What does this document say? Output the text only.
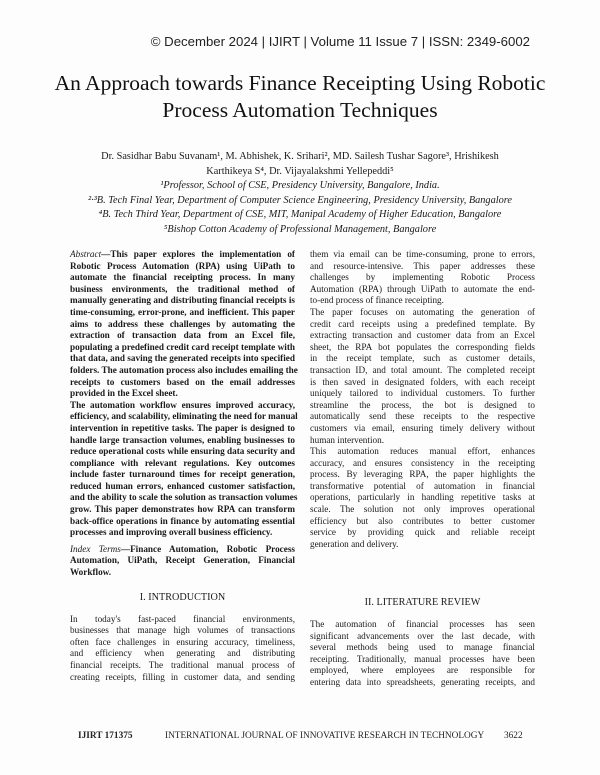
© December 2024 | IJIRT | Volume 11 Issue 7 | ISSN: 2349-6002
An Approach towards Finance Receipting Using Robotic
Process Automation Techniques
Dr. Sasidhar Babu Suvanam¹, M. Abhishek, K. Srihari², MD. Sailesh Tushar Sagore³, Hrishikesh
Karthikeya S⁴, Dr. Vijayalakshmi Yellepeddi⁵
¹Professor, School of CSE, Presidency University, Bangalore, India.
²·³B. Tech Final Year, Department of Computer Science Engineering, Presidency University, Bangalore
⁴B. Tech Third Year, Department of CSE, MIT, Manipal Academy of Higher Education, Bangalore
⁵Bishop Cotton Academy of Professional Management, Bangalore
Abstract—This paper explores the implementation of
Robotic Process Automation (RPA) using UiPath to
automate the financial receipting process. In many
business environments, the traditional method of
manually generating and distributing financial receipts is
time-consuming, error-prone, and inefficient. This paper
aims to address these challenges by automating the
extraction of transaction data from an Excel file,
populating a predefined credit card receipt template with
that data, and saving the generated receipts into specified
folders. The automation process also includes emailing the
receipts to customers based on the email addresses
provided in the Excel sheet.
The automation workflow ensures improved accuracy,
efficiency, and scalability, eliminating the need for manual
intervention in repetitive tasks. The paper is designed to
handle large transaction volumes, enabling businesses to
reduce operational costs while ensuring data security and
compliance with relevant regulations. Key outcomes
include faster turnaround times for receipt generation,
reduced human errors, enhanced customer satisfaction,
and the ability to scale the solution as transaction volumes
grow. This paper demonstrates how RPA can transform
back-office operations in finance by automating essential
processes and improving overall business efficiency.
Index Terms—Finance Automation, Robotic Process
Automation, UiPath, Receipt Generation, Financial
Workflow.
I. INTRODUCTION
In today's fast-paced financial environments,
businesses that manage high volumes of transactions
often face challenges in ensuring accuracy, timeliness,
and efficiency when generating and distributing
financial receipts. The traditional manual process of
creating receipts, filling in customer data, and sending
them via email can be time-consuming, prone to errors,
and resource-intensive. This paper addresses these
challenges by implementing Robotic Process
Automation (RPA) through UiPath to automate the end-
to-end process of finance receipting.
The paper focuses on automating the generation of
credit card receipts using a predefined template. By
extracting transaction and customer data from an Excel
sheet, the RPA bot populates the corresponding fields
in the receipt template, such as customer details,
transaction ID, and total amount. The completed receipt
is then saved in designated folders, with each receipt
uniquely tailored to individual customers. To further
streamline the process, the bot is designed to
automatically send these receipts to the respective
customers via email, ensuring timely delivery without
human intervention.
This automation reduces manual effort, enhances
accuracy, and ensures consistency in the receipting
process. By leveraging RPA, the paper highlights the
transformative potential of automation in financial
operations, particularly in handling repetitive tasks at
scale. The solution not only improves operational
efficiency but also contributes to better customer
service by providing quick and reliable receipt
generation and delivery.
II. LITERATURE REVIEW
The automation of financial processes has seen
significant advancements over the last decade, with
several methods being used to manage financial
receipting. Traditionally, manual processes have been
employed, where employees are responsible for
entering data into spreadsheets, generating receipts, and
IJIRT 171375	INTERNATIONAL JOURNAL OF INNOVATIVE RESEARCH IN TECHNOLOGY 3622
